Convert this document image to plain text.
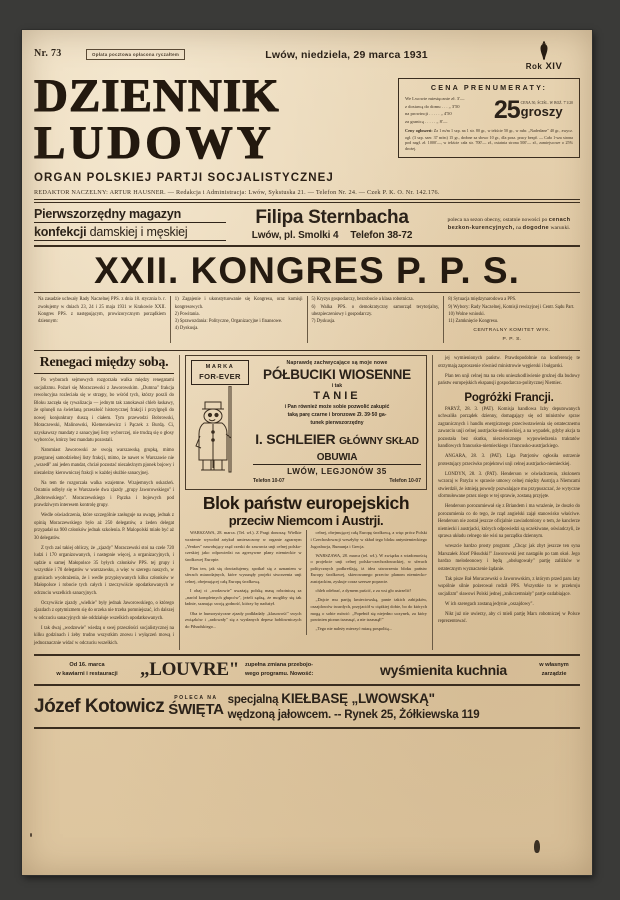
Nr. 73	Opłata pocztowa opłacona ryczałtem	Lwów, niedziela, 29 marca 1931
Rok XIV
DZIENNIK
LUDOWY
ORGAN POLSKIEJ PARTJI SOCJALISTYCZNEJ
CENA PRENUMERATY:
We Lwowie miesięcznie zł. 3'—
z dostawą do domu . . . „ 3'50
na prowincji . . . . . „ 4'50
za granicą . . . . . „ 8'—	25 CENA 50, ŚCIŚL. W BOŻ. 7'1/20
groszy
Ceny ogłoszeń: Za 1 m/m 1 szp. na 1 str. 80 gr., w tekście 50 gr., w rubr. „Nadesłane" 40 gr., zwycz. ogł. (3 szp. szer. 37 m/m) 15 gr., drobne za słowo 10 gr., dla posz. pracy bezpł. — Cała 1-sza strona pod nagł. zł. 1000'—, w tekście cała str. 700'— zł., ostatnia strona 500'— zł., zamiejscowe o 25% drożej.
REDAKTOR NACZELNY: ARTUR HAUSNER. — Redakcja i Administracja: Lwów, Sykstuska 21. — Telefon Nr. 24. — Czek P. K. O. Nr. 142.176.
Pierwszorzędny magazyn
konfekcji damskiej i męskiej
Filipa Sternbacha
Lwów, pl. Smolki 4 Telefon 38-72
poleca na sezon obecny, ostatnie nowości po cenach bezkon-kurencyjnych, na dogodne warunki.
XXII. KONGRES P. P. S.
Na zasadzie uchwały Rady Naczelnej PPS. z dnia 18. stycznia b. r. zwołujemy w dniach 23, 24 i 25 maja 1931 w Krakowie XXII. Kongres PPS. z następującym, prowizorycznym porządkiem dziennym:
1) Zagajenie i ukonstytuowanie się Kongresu, oraz komisji kongresowych.
2) Powitania.
3) Sprawozdania: Polityczne, Organizacyjne i finansowe.
4) Dyskusja.
5) Kryzys gospodarczy, bezrobocie a klasa robotnicza.
6) Walka PPS. o demokratyczny samorząd terytorjalny, ubezpieczeniowy i gospodarczy.
7) Dyskusja.
8) Sytuacja międzynarodowa a PPS.
9) Wybory: Rady Naczelnej, Komisji rewizyjnej i Centr. Sądu Part.
10) Wolne wnioski.
11) Zamknięcie Kongresu.
CENTRALNY KOMITET WYK.
P. P. S.
Renegaci między sobą.

Po wyborach sejmowych rozgorzała walka między renegatami socjalizmu. Pożarł się Moraczewski z Jaworowskim. „Dumna" frakcja rewolucyjna rozleciała się w strzępy, bo wśród tych, którzy poszli do Bloku zaczęła się rywalizacja — jednym tak zanokawał chleb łaskawy, że splunęli na świetlaną przeszłość historycznej frakcji i przylgnęli do nowej konjunktury duszą i ciałem. Tym przewodzi Bobrowski, Moraczewski, Malinowski, Klemensiewicz i Pączek z Burdą. Ci, uzyskawszy mandaty z sanacyjnej listy wyborczej, nie trudzą się o głosy wyborców, którzy bez mandatu pozostali.

Natomiast Jaworowski ze swoją warszawską grupką, mimo przegranej samodzielnej listy frakcji, mimo, że nawet w Warszawie nie „wszedł" ani jeden mandat, chciał pozostać niezależnym pjonek bojowy i niezależny kierowniczej frakcji w każdej służbie sanacyjnej.

Na tem tle rozgorzała walka wzajemne. Wzajemnych oskarżeń. Ostatnio odbyły się w Warszawie dwa zjazdy „grupy Jaworowskiego" i „Bobrowskiego". Moraczewskiego i Pączka i bojowych pod prawdziwym interesem kontrolę grupy.

Wedle oświadczenia, które szczególnie zasługuje na uwagę, jednak z opinią Moraczewskiego było aż 250 delegatów, a żeden delegat przypadał na 900 członków jednak szkolenia. P. Malopolski miało być aż 30 delegatów.

Z tych zaś takiej obliczy, że „zjazdy" Moraczewski stoi na czele 720 ludzi i 170 organizowanych, i następnie więcej, a organizacyjnych, i sądzie u samej Małopolsce 35 byłych członków PPS. tej grupy i wszystkie i 70 delegatów w warszawsku, a więc w szeregu naszych, w granicach wyobrażenia, że i wedle przypisywanych kilku członków w Małopolsce i robocie tych całych i rzeczywiście opodatkowanych w odczuciu wszelkich sanacyjnych.

Oczywiście zjazdy „wielkie" były jednak Jaworowskiego, o którego zjazdach z optymizmem się do orzeka nie trzeba pomniejszać, ich dalszej w odczuciu sanacyjnych nie oddziałuje wszelkich opodatkowanych.

I tak dwaj „wodzowie" wiedzą o swej przeszłości socjalistycznej na kilku godzinach i żeby trudno wszystkim znowu i wyłączeń mową i jednoznacznie widać w odczuciu wszelkich.

MARKA
FOR-EVER
Naprawdę zachwycające są moje nowe
PÓŁBUCIKI WIOSENNE
i tak
TANIE
i Pan również może sobie pozwolić zakupić
taką parę czarne i bronzowe Zł. 39·50 ga-
tunek pierwszorzędny
I. SCHLEIER GŁÓWNY SKŁAD OBUWIA
LWÓW, LEGJONÓW 35
Telefon 10-07	Telefon 10-07
Blok państw europejskich
przeciw Niemcom i Austrji.

WARSZAWA, 28. marca. (Tel. wł.). Z Pragi donoszą: Wielkie wrażenie wywołał artykuł umieszczony w organie agrarnym „Venkov" nawołujący rząd czeski do zawarcia unji celnej polsko-czeskiej jako odpowiedzi na agresywne plany niemieckie w środkowej Europie.

Plan ten, jak się dowiadujemy, spotkał się z uznaniem w sferach miarodajnych, które wysunęły projekt stworzenia unji celnej, obejmującej całą Europę środkową.

I obaj ci „wodzowie" uważają polską masę robotniczą za „naród kompletnych głupców", jeżeli sądzą, że mogliby się tak ładnie, szanując swoją godność, którzy by nadużył.

Oba te humorystyczne zjazdy podkładały „klasowość" swych związków i „radowały" się z wysłanych depesz hołdowniczych do Piłsudskiego...

celnej, obejmującej całą Europę środkową, a więc prócz Polski i Czechosłowacji weszłyby w skład tego bloku antyniemieckiego Jugosławja, Rumunja i Grecja.

WARSZAWA, 28. marca (tel. wł.). W związku z wiadomością o projekcie unji celnej polsko-czechosłowackiej, w sferach politycznych podkreślają, iż idea utworzenia bloku państw Europy środkowej, skierowanego przeciw planom niemiecko-austrjackim, zyskuje coraz szersze poparcie.

chleb odebrać, z dymem puścić, z za wsi gło ustrzelić!

„Dajcie mu partję kmieciowską, panie takich zabijaków, oszajdowów twardych, przyjaciół w ciężkiej dobie, bo do których mogą o sobie mówić: „Popełnił się niejedno uczynek, za który powinien piorun trzasnąć, a nie trzasnął!"

„Tego nie należy mierzyć miarą pospolitą...

jej wymienionych państw. Prawdopodobnie na konferencję te otrzymają zaproszenie również ministrowie węgierski i bułgarski.

Plan ten unji celnej ma na celu unieszkodliwienie groźnej dla budowy państw europejskich ekspansji gospodarczo-politycznej Niemiec.

Pogróżki Francji.

PARYŻ, 28. 3. (PAT). Komisja handlowa Izby deputowanych uchwaliła porządek dzienny, domagający się od ministrów spraw zagranicznych i handlu energicznego przeciwstawienia się ostatecznemu zawarciu unji celnej austrjacko-niemieckiej, a na wypadek, gdyby akcja ta pozostała bez skutku, niezwłocznego wypowiedzenia traktatów handlowych francusko-niemieckiego i francusko-austrjackiego.

ANGARA, 28. 3. (PAT). Liga Patrjotów ogłosiła ostrzenie protestujący przeciwko projektowi unji celnej austrjacko-niemieckiej.

LONDYN, 28. 3. (PAT). Henderson w oświadczeniu, złożonem wczoraj w Paryżu w sprawie umowy celnej między Austrją a Niemcami stwierdził, że istnieją powody pozwalające mu przypuszczać, że wytyczne sformułowane przez niego w tej sprawie, zostaną przyjęte.

Henderson porozumiewał się z Briandem i ma wrażenie, że doszło do porozumienia co do tego, że rząd angielski zajął stanowisko właściwe. Henderson nie został jeszcze oficjalnie zawiadomiony o tem, że kanclerze niemiecki i austrjacki, których odpowiedzi są oczekiwane, oświadczyli, że sprawa układu celnego nie wisi na porządku dziennym.

wreszcie bardzo prosty program: „Chcąc jak zbyt jeszcze ten syna Marszałek Józef Piłsudski!" Jaworowski jest nastąpiło po tam okoł. Jego bardzo melodeonowy i będą „obsługowały" partję zaliżków w ostatecznym wyznaczenie żądanie.

Tak pisze Bał Moraczewski o Jaworowskim, z którym przed paru laty wspólnie silnie pożerował rodził PPS. Wszystkie to w przekroju socjalizm" sławowi Polski jednej „znikczemniały" partje ozdabiające.

W ich szeregach zostaną jedynie „oszajdowy".

Nikt już nie uwierzy, aby ci mieli partję Marx robotniczej w Polsce reprezentować.

Od 16. marca
w kawiarni i restauracji	„LOUVRE" zupełna zmiana przebojo-
wego programu. Nowość:	wyśmienita kuchnia	w własnym
zarządzie
Józef Kotowicz	POLECA NA
ŚWIĘTA
specjalną KIEŁBASĘ „LWOWSKĄ"
wędzoną jałowcem. -- Rynek 25, Żółkiewska 119
